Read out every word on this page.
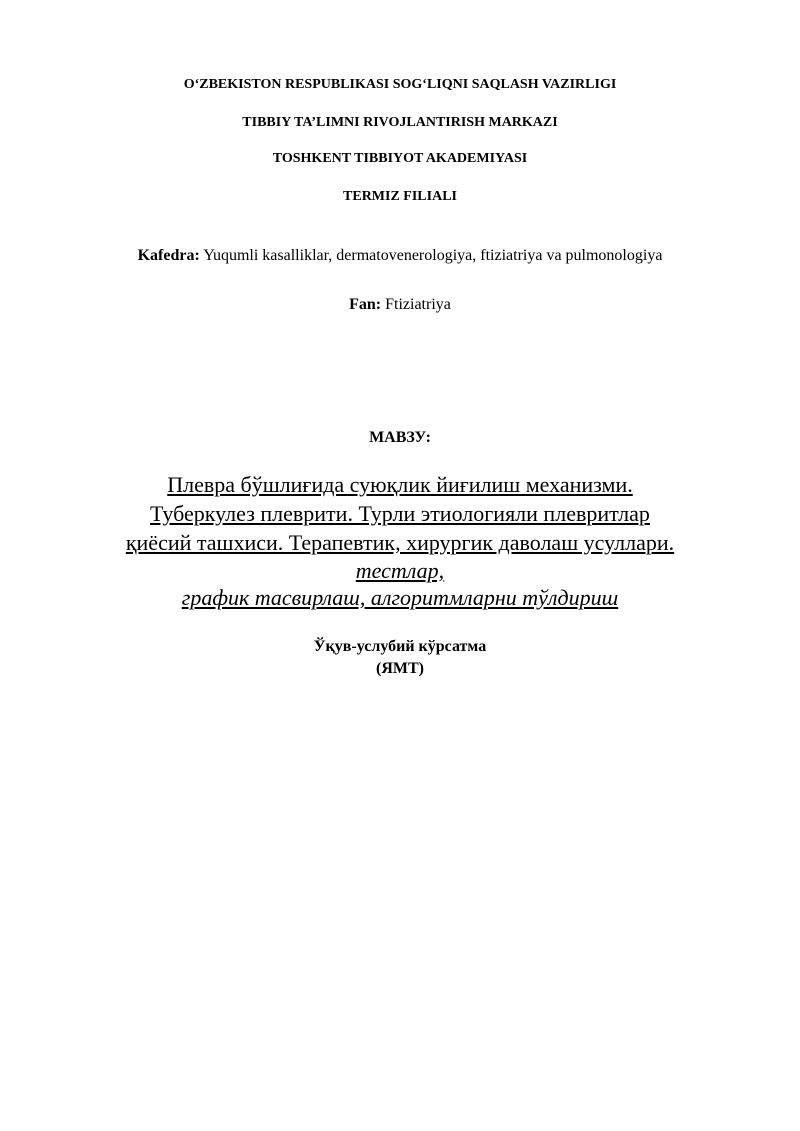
O‘ZBEKISTON RESPUBLIKASI SOG‘LIQNI SAQLASH VAZIRLIGI
TIBBIY TA’LIMNI RIVOJLANTIRISH MARKAZI
TOSHKENT TIBBIYOT AKADEMIYASI
TERMIZ FILIALI
Kafedra: Yuqumli kasalliklar, dermatovenerologiya, ftiziatriya va pulmonologiya
Fan: Ftiziatriya
МАВЗУ:
Плевра бўшлиғида суюқлик йиғилиш механизми.
Туберкулез плеврити. Турли этиологияли плевритлар
қиёсий ташхиси. Терапевтик, хирургик даволаш усуллари.
тестлар,
график тасвирлаш, алгоритмларни тўлдириш
Ўқув-услубий кўрсатма
(ЯМТ)
